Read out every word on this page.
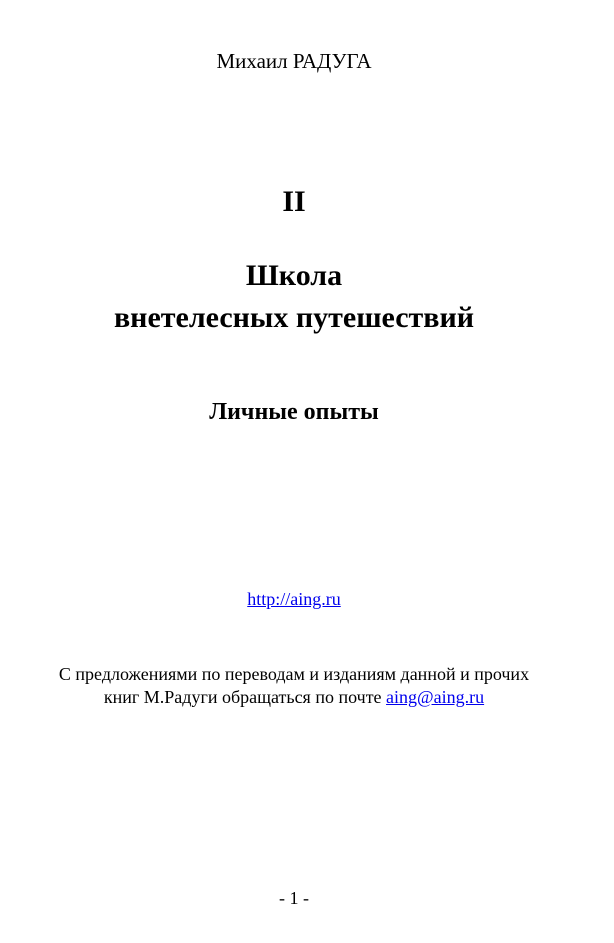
Михаил РАДУГА
II
Школа
внетелесных путешествий
Личные опыты
http://aing.ru
С предложениями по переводам и изданиям данной и прочих
книг М.Радуги обращаться по почте aing@aing.ru
- 1 -
